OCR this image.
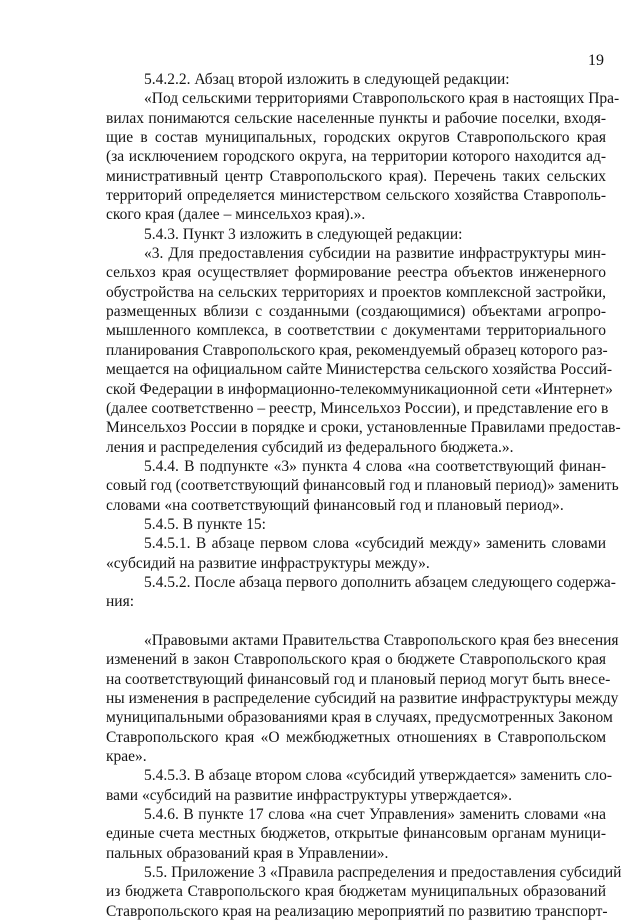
19
5.4.2.2. Абзац второй изложить в следующей редакции:
«Под сельскими территориями Ставропольского края в настоящих Пра-
вилах понимаются сельские населенные пункты и рабочие поселки, входя-
щие в состав муниципальных, городских округов Ставропольского края
(за исключением городского округа, на территории которого находится ад-
министративный центр Ставропольского края). Перечень таких сельских
территорий определяется министерством сельского хозяйства Ставрополь-
ского края (далее – минсельхоз края).».
5.4.3. Пункт 3 изложить в следующей редакции:
«3. Для предоставления субсидии на развитие инфраструктуры мин-
сельхоз края осуществляет формирование реестра объектов инженерного
обустройства на сельских территориях и проектов комплексной застройки,
размещенных вблизи с созданными (создающимися) объектами агропро-
мышленного комплекса, в соответствии с документами территориального
планирования Ставропольского края, рекомендуемый образец которого раз-
мещается на официальном сайте Министерства сельского хозяйства Россий-
ской Федерации в информационно-телекоммуникационной сети «Интернет»
(далее соответственно – реестр, Минсельхоз России), и представление его в
Минсельхоз России в порядке и сроки, установленные Правилами предостав-
ления и распределения субсидий из федерального бюджета.».
5.4.4. В подпункте «3» пункта 4 слова «на соответствующий финан-
совый год (соответствующий финансовый год и плановый период)» заменить
словами «на соответствующий финансовый год и плановый период».
5.4.5. В пункте 15:
5.4.5.1. В абзаце первом слова «субсидий между» заменить словами
«субсидий на развитие инфраструктуры между».
5.4.5.2. После абзаца первого дополнить абзацем следующего содержа-
ния:
«Правовыми актами Правительства Ставропольского края без внесения
изменений в закон Ставропольского края о бюджете Ставропольского края
на соответствующий финансовый год и плановый период могут быть внесе-
ны изменения в распределение субсидий на развитие инфраструктуры между
муниципальными образованиями края в случаях, предусмотренных Законом
Ставропольского края «О межбюджетных отношениях в Ставропольском
крае».
5.4.5.3. В абзаце втором слова «субсидий утверждается» заменить сло-
вами «субсидий на развитие инфраструктуры утверждается».
5.4.6. В пункте 17 слова «на счет Управления» заменить словами «на
единые счета местных бюджетов, открытые финансовым органам муници-
пальных образований края в Управлении».
5.5. Приложение 3 «Правила распределения и предоставления субсидий
из бюджета Ставропольского края бюджетам муниципальных образований
Ставропольского края на реализацию мероприятий по развитию транспорт-
